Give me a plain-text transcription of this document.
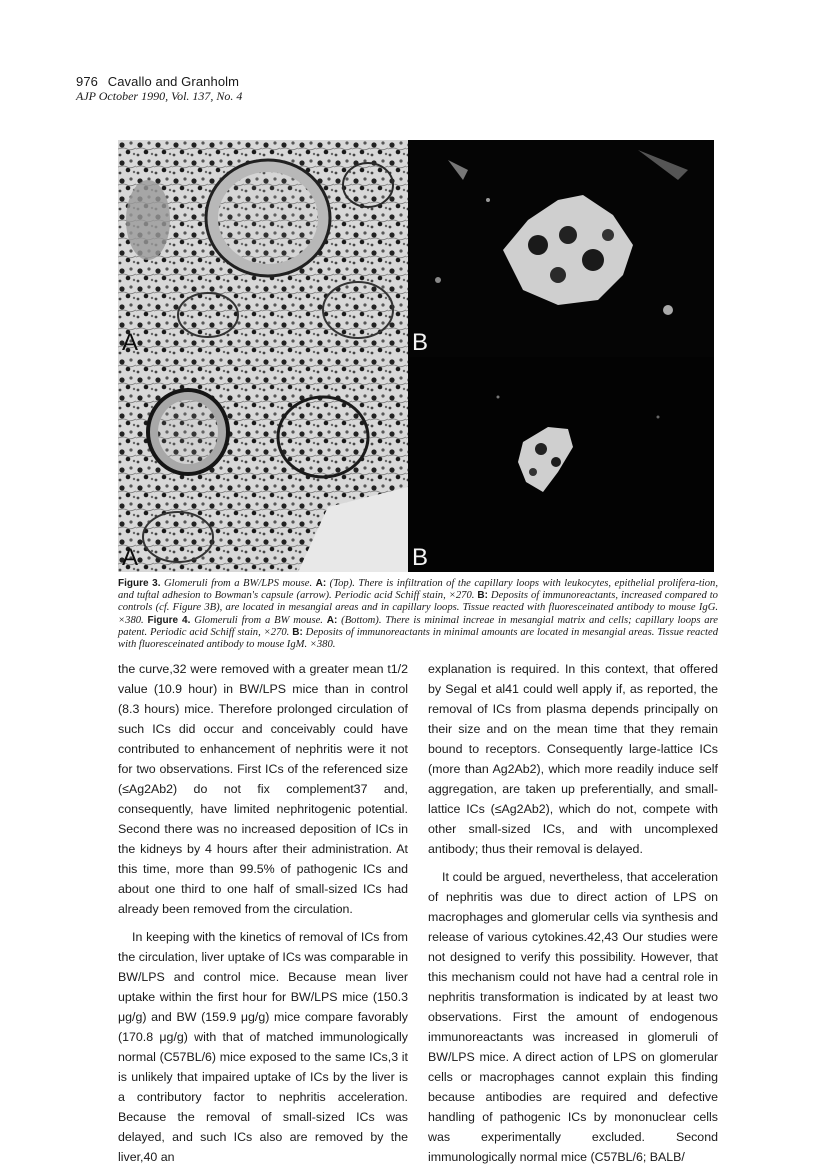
976 Cavallo and Granholm
AJP October 1990, Vol. 137, No. 4
A	B
A	B
Figure 3. Glomeruli from a BW/LPS mouse. A: (Top). There is infiltration of the capillary loops with leukocytes, epithelial prolifera-tion, and tuftal adhesion to Bowman's capsule (arrow). Periodic acid Schiff stain, ×270. B: Deposits of immunoreactants, increased compared to controls (cf. Figure 3B), are located in mesangial areas and in capillary loops. Tissue reacted with fluoresceinated antibody to mouse IgG. ×380. Figure 4. Glomeruli from a BW mouse. A: (Bottom). There is minimal increae in mesangial matrix and cells; capillary loops are patent. Periodic acid Schiff stain, ×270. B: Deposits of immunoreactants in minimal amounts are located in mesangial areas. Tissue reacted with fluoresceinated antibody to mouse IgM. ×380.

the curve,32 were removed with a greater mean t1/2 value (10.9 hour) in BW/LPS mice than in control (8.3 hours) mice. Therefore prolonged circulation of such ICs did occur and conceivably could have contributed to enhancement of nephritis were it not for two observations. First ICs of the referenced size (≤Ag2Ab2) do not fix complement37 and, consequently, have limited nephritogenic potential. Second there was no increased deposition of ICs in the kidneys by 4 hours after their administration. At this time, more than 99.5% of pathogenic ICs and about one third to one half of small-sized ICs had already been removed from the circulation.

In keeping with the kinetics of removal of ICs from the circulation, liver uptake of ICs was comparable in BW/LPS and control mice. Because mean liver uptake within the first hour for BW/LPS mice (150.3 μg/g) and BW (159.9 μg/g) mice compare favorably (170.8 μg/g) with that of matched immunologically normal (C57BL/6) mice exposed to the same ICs,3 it is unlikely that impaired uptake of ICs by the liver is a contributory factor to nephritis acceleration. Because the removal of small-sized ICs was delayed, and such ICs also are removed by the liver,40 an

explanation is required. In this context, that offered by Segal et al41 could well apply if, as reported, the removal of ICs from plasma depends principally on their size and on the mean time that they remain bound to receptors. Consequently large-lattice ICs (more than Ag2Ab2), which more readily induce self aggregation, are taken up preferentially, and small-lattice ICs (≤Ag2Ab2), which do not, compete with other small-sized ICs, and with uncomplexed antibody; thus their removal is delayed.

It could be argued, nevertheless, that acceleration of nephritis was due to direct action of LPS on macrophages and glomerular cells via synthesis and release of various cytokines.42,43 Our studies were not designed to verify this possibility. However, that this mechanism could not have had a central role in nephritis transformation is indicated by at least two observations. First the amount of endogenous immunoreactants was increased in glomeruli of BW/LPS mice. A direct action of LPS on glomerular cells or macrophages cannot explain this finding because antibodies are required and defective handling of pathogenic ICs by mononuclear cells was experimentally excluded. Second immunologically normal mice (C57BL/6; BALB/
